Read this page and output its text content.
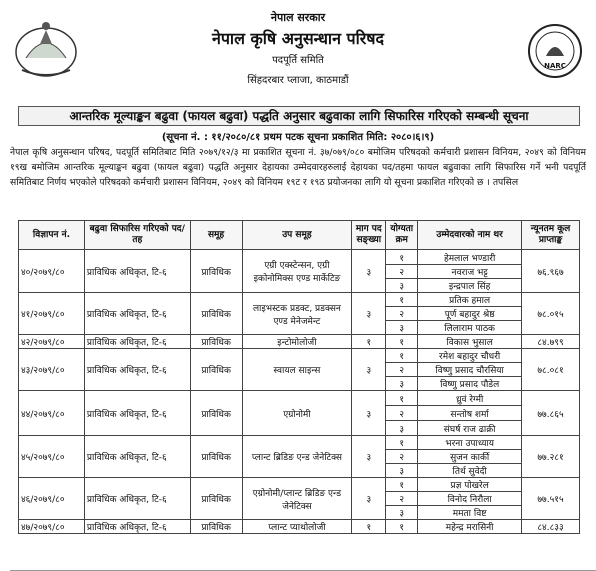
नेपाल सरकार
नेपाल कृषि अनुसन्धान परिषद
पदपूर्ति समिति
सिंहदरबार प्लाजा, काठमाडौं
NARC
आन्तरिक मूल्याङ्कन बढुवा (फायल बढुवा) पद्धति अनुसार बढुवाका लागि सिफारिस गरिएको सम्बन्धी सूचना
(सूचना नं. : ११/२०८०/८१ प्रथम पटक सूचना प्रकाशित मिति: २०८०।६।९)
नेपाल कृषि अनुसन्धान परिषद, पदपूर्ति समितिबाट मिति २०७९/१२/३ मा प्रकाशित सूचना नं. ३७/०७९/०८० बमोजिम परिषदको कर्मचारी प्रशासन विनियम, २०४९ को विनियम १९ख बमोजिम आन्तरिक मूल्याङ्कन बढुवा (फायल बढुवा) पद्धति अनुसार देहायका उम्मेदवारहरुलाई देहायका पद/तहमा फायल बढुवाका लागि सिफारिस गर्ने भनी पदपूर्ति समितिबाट निर्णय भएकोले परिषदको कर्मचारी प्रशासन विनियम, २०४९ को विनियम १९ट र १९ठ प्रयोजनका लागि यो सूचना प्रकाशित गरिएको छ । तपसिल
विज्ञापन नं.	बढुवा सिफारिस गरिएको पद/तह	समूह	उप समूह	माग पद सङ्ख्या	योग्यता क्रम	उम्मेदवारको नाम थर	न्यूनतम कूल प्राप्ताङ्क
४०/२०७९/८०	प्राविधिक अधिकृत, टि-६	प्राविधिक	एग्री एक्स्टेन्सन, एग्री इकोनोमिक्स एण्ड मार्केटिङ	३	१	हेमलाल भण्डारी	७६.९६७
					२	नवराज भट्ट	
					३	इन्द्रपाल सिंह	
४१/२०७९/८०	प्राविधिक अधिकृत, टि-६	प्राविधिक	लाइभस्टक प्रडक्ट, प्रडक्सन एण्ड मेनेजमेन्ट	३	१	प्रतिक हमाल	७८.०१५
					२	पूर्ण बहादुर श्रेष्ठ	
					३	लिलाराम पाठक	
४२/२०७९/८०	प्राविधिक अधिकृत, टि-६	प्राविधिक	इन्टोमोलोजी	१	१	विकास भुसाल	८४.७९९
४३/२०७९/८०	प्राविधिक अधिकृत, टि-६	प्राविधिक	स्वायल साइन्स	३	१	रमेश बहादुर चौधरी	७८.०८१
					२	विष्णु प्रसाद चौरसिया	
					३	विष्णु प्रसाद पौडेल	
४४/२०७९/८०	प्राविधिक अधिकृत, टि-६	प्राविधिक	एग्रोनोमी	३	१	ध्रुवं रेग्मी	७७.८६५
					२	सन्तोष शर्मा	
					३	संघर्ष राज ढाक्री	
४५/२०७९/८०	प्राविधिक अधिकृत, टि-६	प्राविधिक	प्लान्ट ब्रिडिङ एन्ड जेनेटिक्स	३	१	भरना उपाध्याय	७७.२८१
					२	सुजन कार्की	
					३	तिर्थ सुवेदी	
४६/२०७९/८०	प्राविधिक अधिकृत, टि-६	प्राविधिक	एग्रोनोमी/प्लान्ट ब्रिडिङ एन्ड जेनेटिक्स	३	१	प्रज्ञ पोखरेल	७७.५१५
					२	विनोद निरौला	
					३	ममता विष्ट	
४७/२०७९/८०	प्राविधिक अधिकृत, टि-६	प्राविधिक	प्लान्ट प्याथोलोजी	१	१	महेन्द्र मरासिनी	८४.८३३
